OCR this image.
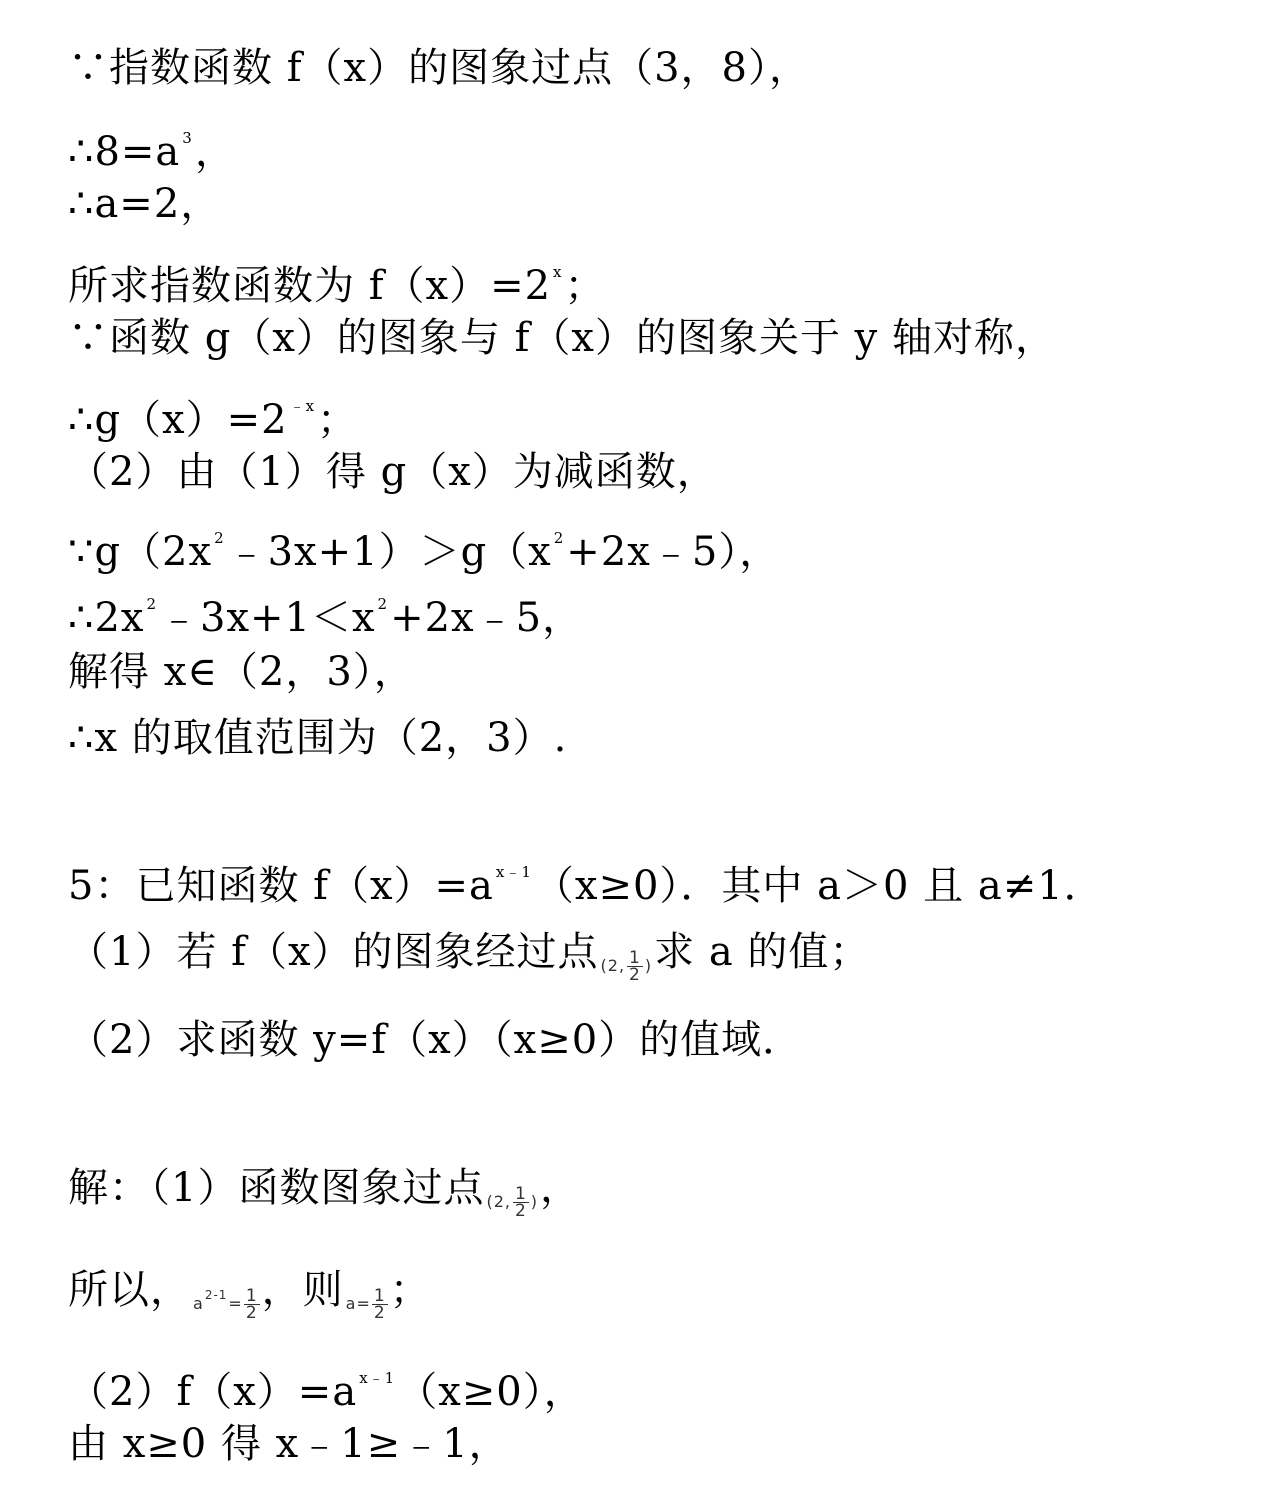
∵指数函数 f（x）的图象过点（3，8），
∴8=a 3，
∴a=2，
所求指数函数为 f（x）=2 x；
∵函数 g（x）的图象与 f（x）的图象关于 y 轴对称，
∴g（x）=2 ﹣x；
（2）由（1）得 g（x）为减函数，
∵g（2x 2﹣3x+1）＞g（x 2+2x﹣5），
∴2x 2﹣3x+1＜x 2+2x﹣5，
解得 x∈（2，3），
∴x 的取值范围为（2，3）.
5：已知函数 f（x）=a x﹣1（x≥0）．其中 a＞0 且 a≠1．
（1）若 f（x）的图象经过点 (2, $\frac{1}{2}$ ) 求 a 的值；
（2）求函数 y=f（x）（x≥0）的值域．
解：（1）函数图象过点 (2, $\frac{1}{2}$ ) ，
所以， a $2-1 = \frac{1}{2}$ ，则 $a= \frac{1}{2}$ ；
（2）f（x）=a x﹣1（x≥0），
由 x≥0 得 x﹣1≥﹣1，
